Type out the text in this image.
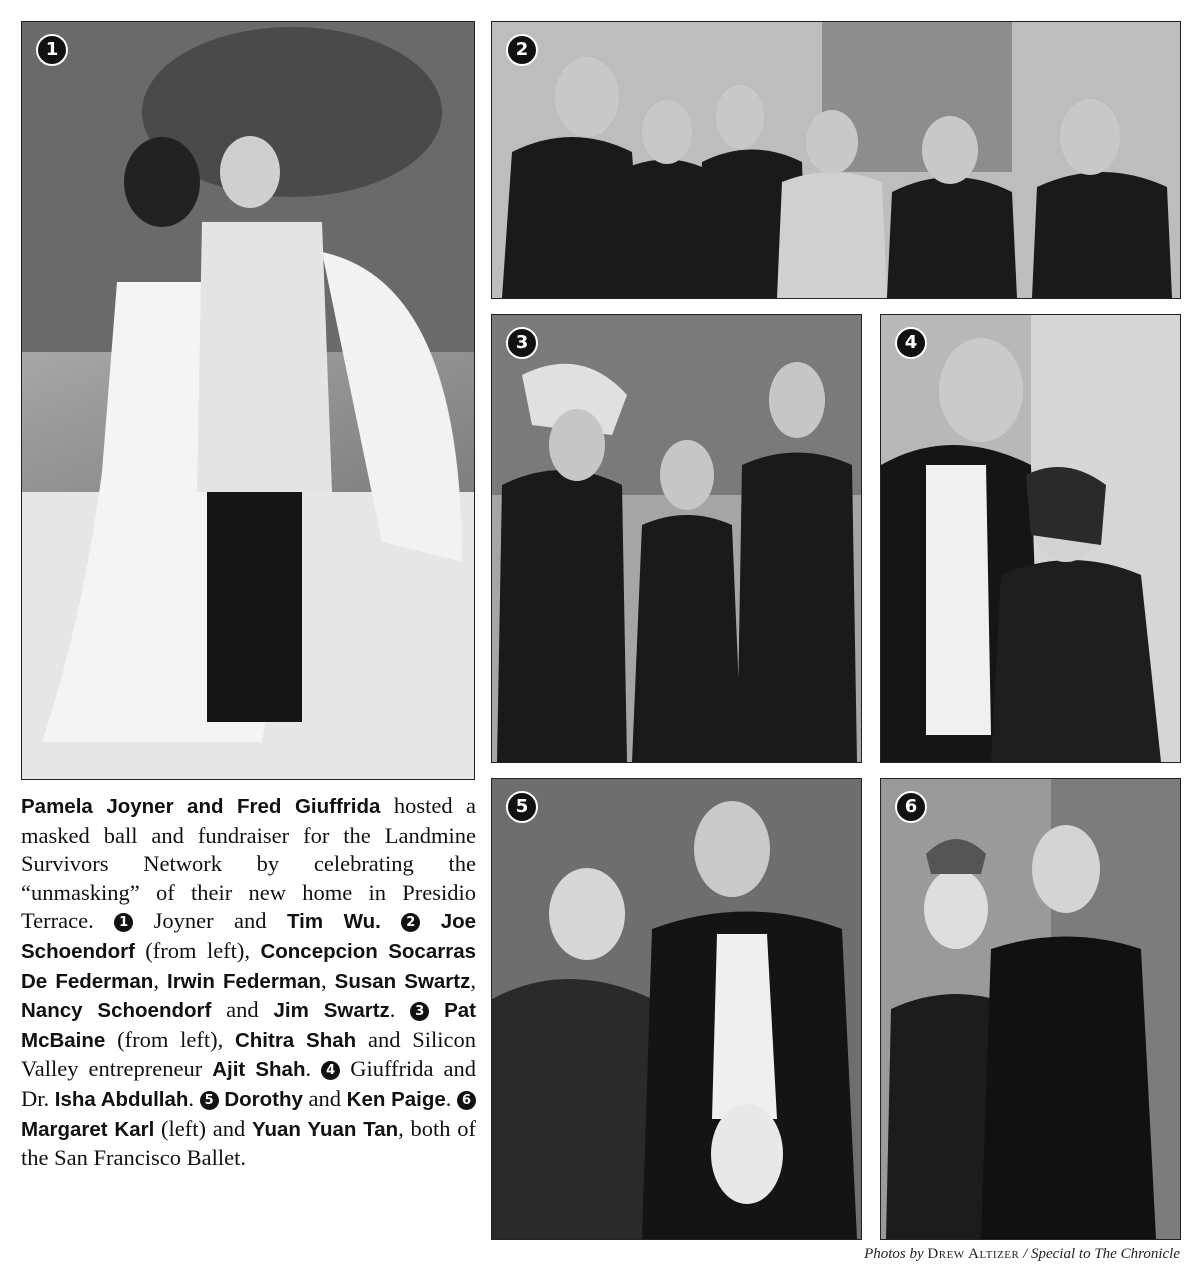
1	2
3	4
5	6
Pamela Joyner and Fred Giuffrida hosted a masked ball and fundraiser for the Landmine Survivors Network by celebrating the “unmasking” of their new home in Presidio Terrace. 1 Joyner and Tim Wu. 2 Joe Schoendorf (from left), Concepcion Socarras De Federman, Irwin Federman, Susan Swartz, Nancy Schoendorf and Jim Swartz. 3 Pat McBaine (from left), Chitra Shah and Silicon Valley entrepreneur Ajit Shah. 4 Giuffrida and Dr. Isha Abdullah. 5 Dorothy and Ken Paige. 6 Margaret Karl (left) and Yuan Yuan Tan, both of the San Francisco Ballet.
Photos by Drew Altizer / Special to The Chronicle
